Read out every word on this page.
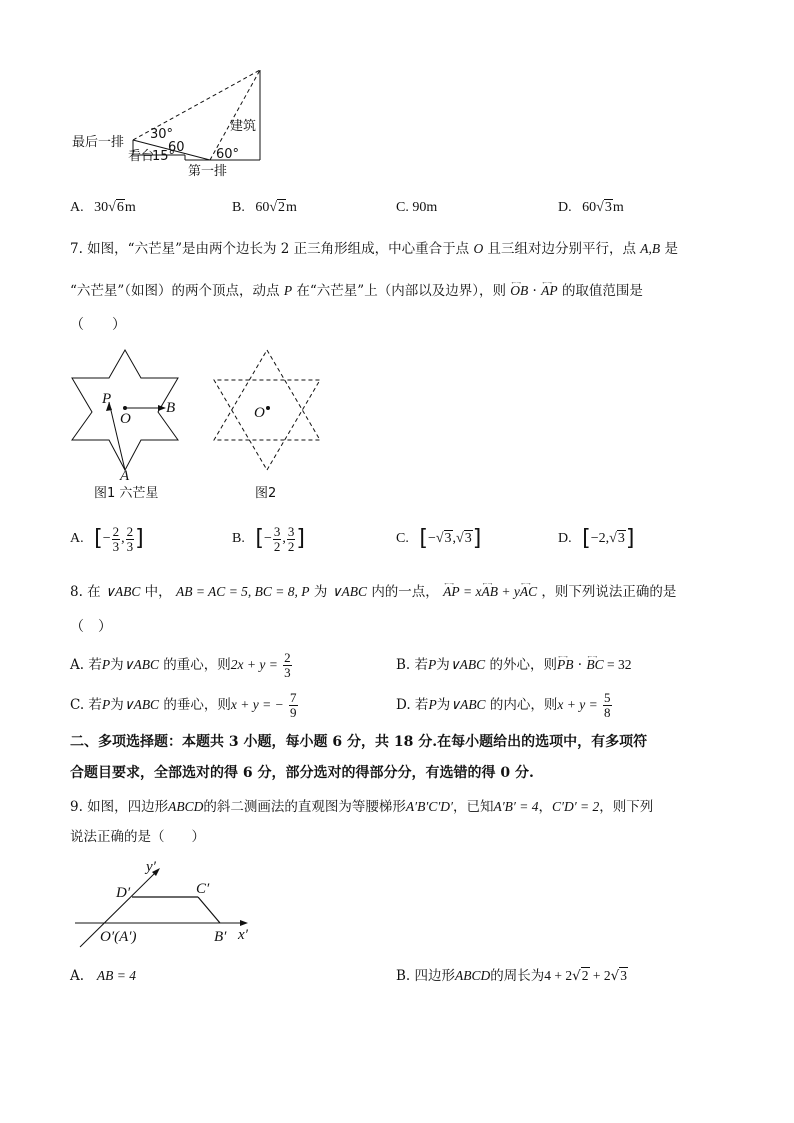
最后一排
建筑
看台
第一排
30°
60
15°	60°
A. 30√6m	B. 60√2m	C. 90m	D. 60√3m
7. 如图，“六芒星”是由两个边长为 2 正三角形组成，中心重合于点 O 且三组对边分别平行，点 A,B 是
“六芒星”（如图）的两个顶点，动点 P 在“六芒星”上（内部以及边界），则 ←→ OB · ←→ AP 的取值范围是
（　　）
P
O
B
A
图1 六芒星
O
图2
A. [− $\frac{2}{3}$ , $\frac{2}{3}$ ]	B. [− $\frac{3}{2}$ , $\frac{3}{2}$ ]	C. [−√3,√3]	D. [−2,√3]
8. 在 ∨ABC 中， AB = AC = 5, BC = 8, P 为 ∨ABC 内的一点， ←→ AP = x←→ AB + y←→ AC ，则下列说法正确的是
（　）
A. 若P为∨ABC 的重心，则$2x + y = \frac{2}{3}$	B. 若P为∨ABC 的外心，则←→ PB · ←→ BC = 32
C. 若P为∨ABC 的垂心，则x + y = − $\frac{7}{9}$	D. 若P为∨ABC 的内心，则$x + y = \frac{5}{8}$
二、多项选择题：本题共 3 小题，每小题 6 分，共 18 分.在每小题给出的选项中，有多项符
合题目要求，全部选对的得 6 分，部分选对的得部分分，有选错的得 0 分.
9. 如图，四边形ABCD的斜二测画法的直观图为等腰梯形A′B′C′D′，已知A′B′ = 4，C′D′ = 2，则下列
说法正确的是（　　）
y′
x′
D′	C′
O′(A′)	B′
A. AB = 4	B. 四边形ABCD的周长为4 + 2√2 + 2√3
